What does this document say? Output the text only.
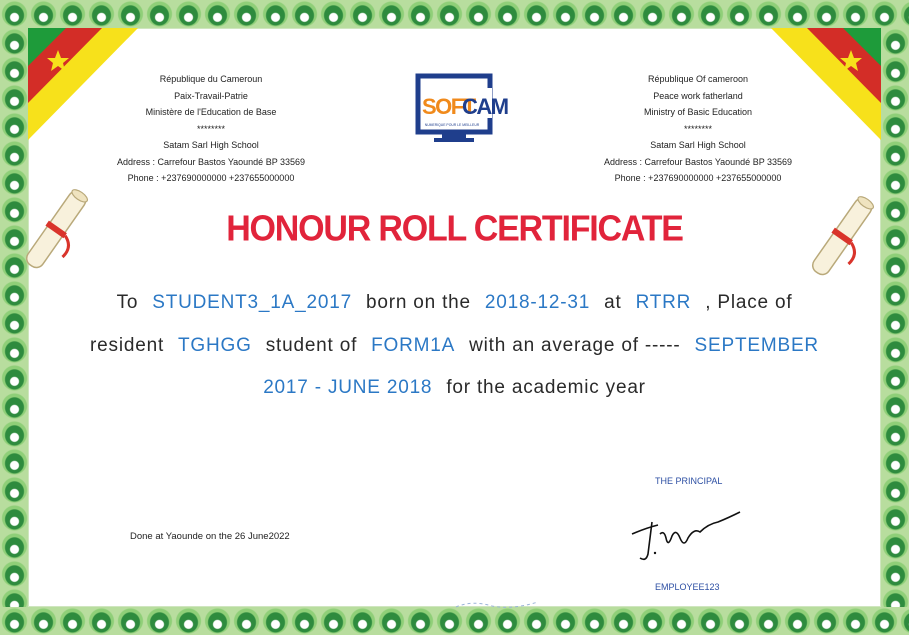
République du Cameroun
Paix-Travail-Patrie
Ministère de l'Education de Base
********
Satam Sarl High School
Address : Carrefour Bastos Yaoundé BP 33569
Phone : +237690000000 +237655000000
République Of cameroon
Peace work fatherland
Ministry of Basic Education
********
Satam Sarl High School
Address : Carrefour Bastos Yaoundé BP 33569
Phone : +237690000000 +237655000000
SOFT
CAM
NUMERIQUE POUR LE MEILLEUR
HONOUR ROLL CERTIFICATE
To STUDENT3_1A_2017 born on the 2018-12-31 at RTRR , Place of
resident TGHGG student of FORM1A with an average of ----- SEPTEMBER
2017 - JUNE 2018 for the academic year
Done at Yaounde on the 26 June2022
THE PRINCIPAL
EMPLOYEE123
